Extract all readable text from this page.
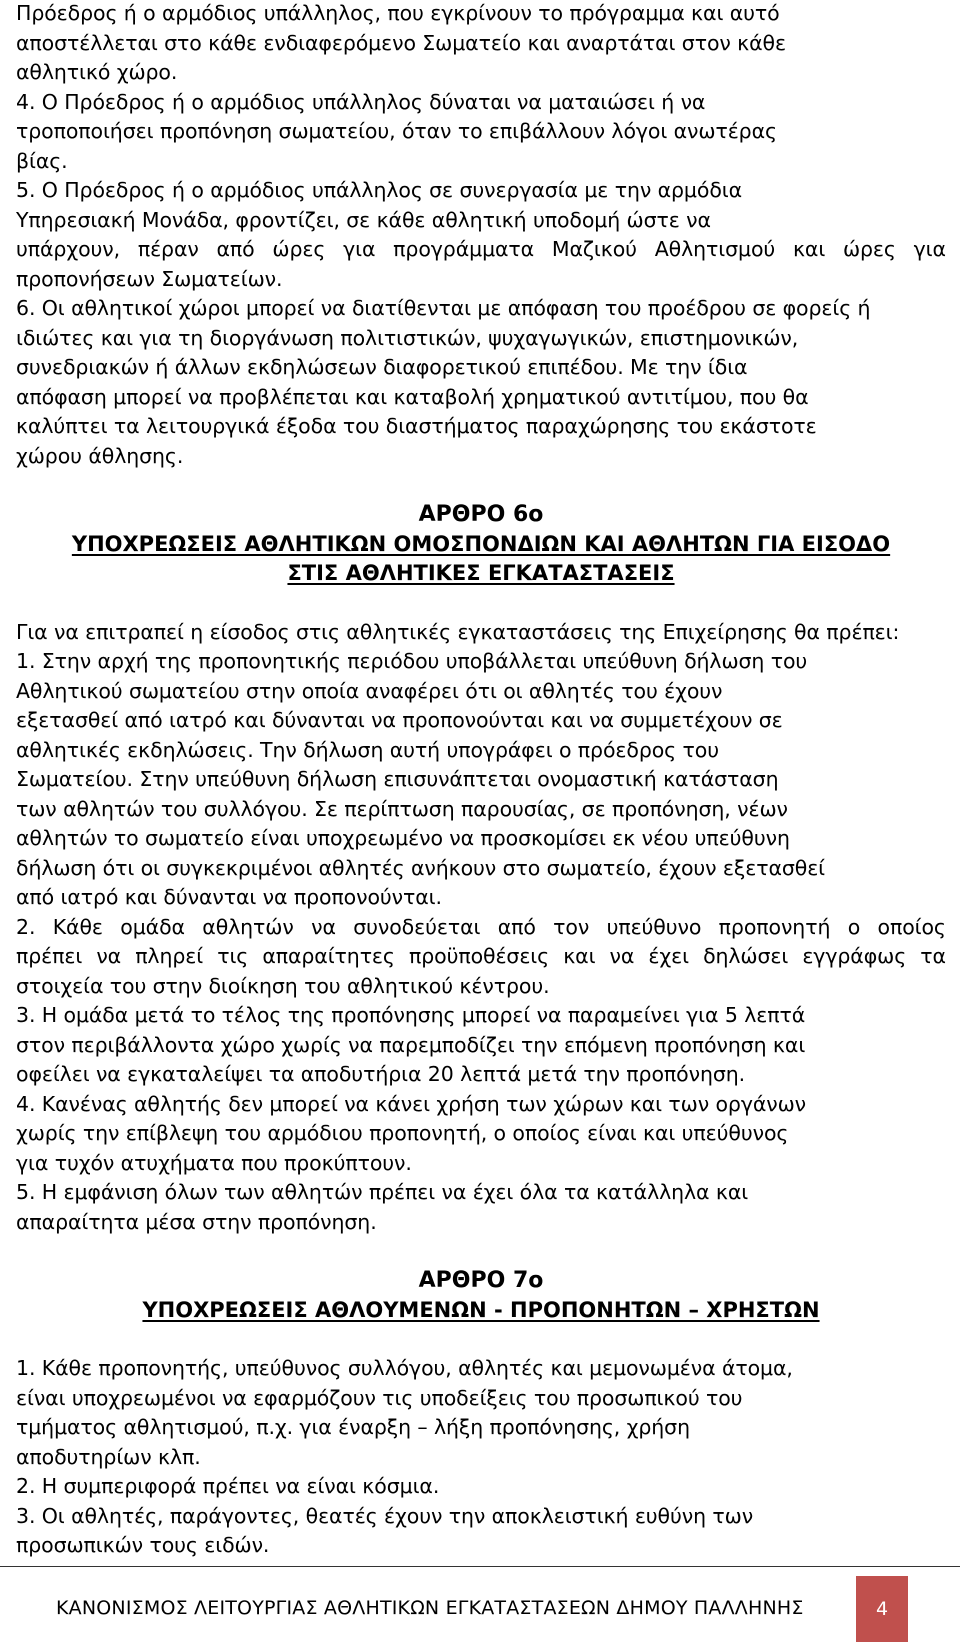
Πρόεδρος ή ο αρμόδιος υπάλληλος, που εγκρίνουν το πρόγραμμα και αυτό
αποστέλλεται στο κάθε ενδιαφερόμενο Σωματείο και αναρτάται στον κάθε
αθλητικό χώρο.
4. Ο Πρόεδρος ή ο αρμόδιος υπάλληλος δύναται να ματαιώσει ή να
τροποποιήσει προπόνηση σωματείου, όταν το επιβάλλουν λόγοι ανωτέρας
βίας.
5. Ο Πρόεδρος ή ο αρμόδιος υπάλληλος σε συνεργασία με την αρμόδια
Υπηρεσιακή Μονάδα, φροντίζει, σε κάθε αθλητική υποδομή ώστε να
υπάρχουν, πέραν από ώρες για προγράμματα Μαζικού Αθλητισμού και ώρες για
προπονήσεων Σωματείων.
6. Οι αθλητικοί χώροι μπορεί να διατίθενται με απόφαση του προέδρου σε φορείς ή
ιδιώτες και για τη διοργάνωση πολιτιστικών, ψυχαγωγικών, επιστημονικών,
συνεδριακών ή άλλων εκδηλώσεων διαφορετικού επιπέδου. Με την ίδια
απόφαση μπορεί να προβλέπεται και καταβολή χρηματικού αντιτίμου, που θα
καλύπτει τα λειτουργικά έξοδα του διαστήματος παραχώρησης του εκάστοτε
χώρου άθλησης.
ΑΡΘΡΟ 6ο
ΥΠΟΧΡΕΩΣΕΙΣ ΑΘΛΗΤΙΚΩΝ ΟΜΟΣΠΟΝΔΙΩΝ ΚΑΙ ΑΘΛΗΤΩΝ ΓΙΑ ΕΙΣΟΔΟ
ΣΤΙΣ ΑΘΛΗΤΙΚΕΣ ΕΓΚΑΤΑΣΤΑΣΕΙΣ
Για να επιτραπεί η είσοδος στις αθλητικές εγκαταστάσεις της Επιχείρησης θα πρέπει:
1. Στην αρχή της προπονητικής περιόδου υποβάλλεται υπεύθυνη δήλωση του
Αθλητικού σωματείου στην οποία αναφέρει ότι οι αθλητές του έχουν
εξετασθεί από ιατρό και δύνανται να προπονούνται και να συμμετέχουν σε
αθλητικές εκδηλώσεις. Την δήλωση αυτή υπογράφει ο πρόεδρος του
Σωματείου. Στην υπεύθυνη δήλωση επισυνάπτεται ονομαστική κατάσταση
των αθλητών του συλλόγου. Σε περίπτωση παρουσίας, σε προπόνηση, νέων
αθλητών το σωματείο είναι υποχρεωμένο να προσκομίσει εκ νέου υπεύθυνη
δήλωση ότι οι συγκεκριμένοι αθλητές ανήκουν στο σωματείο, έχουν εξετασθεί
από ιατρό και δύνανται να προπονούνται.
2. Κάθε ομάδα αθλητών να συνοδεύεται από τον υπεύθυνο προπονητή ο οποίος
πρέπει να πληρεί τις απαραίτητες προϋποθέσεις και να έχει δηλώσει εγγράφως τα
στοιχεία του στην διοίκηση του αθλητικού κέντρου.
3. Η ομάδα μετά το τέλος της προπόνησης μπορεί να παραμείνει για 5 λεπτά
στον περιβάλλοντα χώρο χωρίς να παρεμποδίζει την επόμενη προπόνηση και
οφείλει να εγκαταλείψει τα αποδυτήρια 20 λεπτά μετά την προπόνηση.
4. Κανένας αθλητής δεν μπορεί να κάνει χρήση των χώρων και των οργάνων
χωρίς την επίβλεψη του αρμόδιου προπονητή, ο οποίος είναι και υπεύθυνος
για τυχόν ατυχήματα που προκύπτουν.
5. Η εμφάνιση όλων των αθλητών πρέπει να έχει όλα τα κατάλληλα και
απαραίτητα μέσα στην προπόνηση.
ΑΡΘΡΟ 7ο
ΥΠΟΧΡΕΩΣΕΙΣ ΑΘΛΟΥΜΕΝΩΝ - ΠΡΟΠΟΝΗΤΩΝ – ΧΡΗΣΤΩΝ
1. Κάθε προπονητής, υπεύθυνος συλλόγου, αθλητές και μεμονωμένα άτομα,
είναι υποχρεωμένοι να εφαρμόζουν τις υποδείξεις του προσωπικού του
τμήματος αθλητισμού, π.χ. για έναρξη – λήξη προπόνησης, χρήση
αποδυτηρίων κλπ.
2. Η συμπεριφορά πρέπει να είναι κόσμια.
3. Οι αθλητές, παράγοντες, θεατές έχουν την αποκλειστική ευθύνη των
προσωπικών τους ειδών.
ΚΑΝΟΝΙΣΜΟΣ ΛΕΙΤΟΥΡΓΙΑΣ ΑΘΛΗΤΙΚΩΝ ΕΓΚΑΤΑΣΤΑΣΕΩΝ ΔΗΜΟΥ ΠΑΛΛΗΝΗΣ	4
